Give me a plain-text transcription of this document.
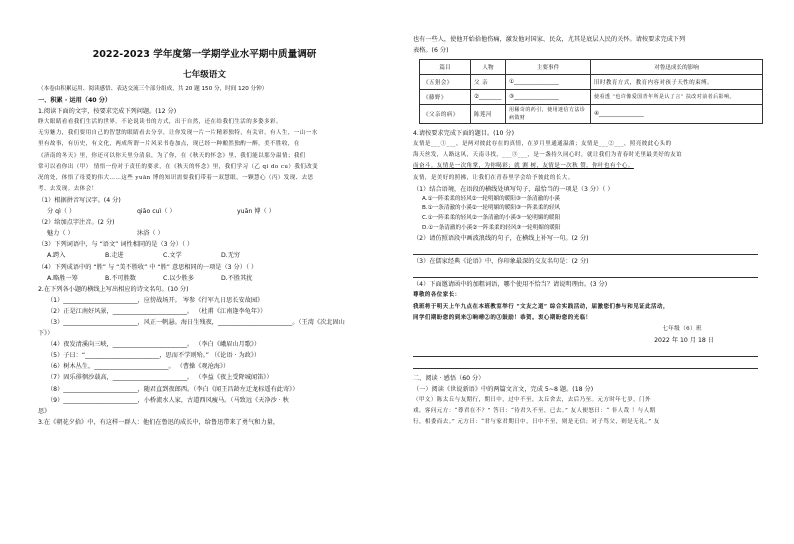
2022-2023 学年度第一学期学业水平期中质量调研
七年级语文
（本卷由积累运用、阅读感悟、表达交流三个部分组成，共 20 题 150 分，时间 120 分钟）
一、积累 · 运用（40 分）
1.阅读下面的文字，按要求完成下列问题。(12 分)
睁大眼睛看看我们生活的世界。不论说读书的方式，出于自然，还在给我们生活的多姿多彩。
无穷魅力，我们要用自己的智慧的眼睛看去分享，让你发现一片一片精彩独特，有关帘，有人生，一山一水
里有故事，有历史，有文化，两成所谓一片风采书卷加点，现已经一种酿然独酌一醉，美不胜收，在
《济南的冬天》里，你还可以你天里分清泉，为了你，在《秋天的怀念》里，我们能以那分温情；我们
常可以看你出（甲） 情悟一份对于责任的要求，在《秋天的怀念》里，我们学习（乙 qi do cu）我们改变
况的处，体悟了母爱的伟大……这些 yuān 博的知识需要我们带着一双慧眼，一颗慧心（丙）发现、去思
考、去发现。去体会！
（1）根据拼音写汉字。(4 分)
分 qì（ ）	qiāo cuì（ ）	yuān 博（ ）
（2）给加点字注音。(2 分)
魅力（ ）	沐浴（ ）
（3）下列词语中，与 “语文” 词性相同的是（3 分）（ ）
A.跨入	B.走进	C.文学	D.无穷
（4）下列成语中的 “胜” 与 “美不胜收” 中 “胜” 意思相同的一项是（3 分）（ ）
A.略胜一筹	B.不可胜数	C.以少胜多	D.不胜其扰
2.在下列各小题的横线上写出相应的诗文名句。(10 分)
（1）________________________，应傍战场开。 岑参《行军九日思长安故园》
（2）正是江南好风景，________________________。 （杜甫《江南逢李龟年》）
（3）________________________，风正一帆悬。海日生残夜，________________________。（王湾《次北固山
下》）
（4）夜发清溪向三峡，________________________。 （李白《峨眉山月歌》）
（5）子曰：“________________________，思而不学则殆。” （《论语 · 为政》）
（6）树木丛生，________________________。 （曹操《观沧海》）
（7）固乐徘徊沙载高，________________________。 （李益《夜上受降城闻笛》）
（8）________________________，随君直到夜郎西。（李白《闻王昌龄左迁龙标遥有此寄》）
（9）________________________，小桥流水人家，古道西风瘦马。（马致远《天净沙 · 秋
思》
3.在《朝花夕拾》中，有这样一群人：他们在鲁迅的成长中，给鲁迅带来了勇气和力量，
也有一些人，使他开始拾他伤痛，激发他对国家、民众，尤其是底层人民的关怀。请按要求完成下列
表格。(6 分)
篇目	人物	主要事件	对鲁迅成长的影响
《五猖会》	父 亲	①________________	旧时教育方式，教育内容对孩子天性的束缚。
《藤野》	②________	③________________	使看透 “也许像爱国青年所是认了言” 扶改对前者后影响。
《父亲的病》	陈莲河	用稀奇的药引，使用迷信方法诊病敛财	④________________
4.请按要求完成下面的题目。(10 分)
友情是___①___，是两对彼此存在的真情，在岁月里通通温淌；友情是___②___，照亮彼此心头的
海天丝发，人路这风，天南寻找，___③___，是一盏持久同心时，就让我们为青春时光里最美好的友谊
而奋斗。友情是一次角掌，为你喝彩；就 测 树，友情是一次秋 赞。你叶也有个心。
友情，是美好的照拂，让我们在青春里学会给予彼此的长大。
（1）结合语境，在语段的横线处填写句子，最恰当的一项是（3 分）（ ）
A.①一阵柔柔的轻风②一轮明媚的暖阳③一条清澈的小溪
B.①一条清澈的小溪②一轮明媚的暖阳③一阵柔柔的轻风
C.①一阵柔柔的轻风②一条清澈的小溪③一轮明媚的暖阳
D.①一条清澈的小溪②一阵柔柔的轻风③一轮明媚的暖阳
（2）请仿照语段中画波浪线的句子，在横线上补写一句。(2 分)
（3）在儒家经典《论语》中，你印象最深的交友名句是：(2 分)
（4）下面邀请函中的加粗词语，哪个使用不恰当？请说明理由。(3 分)
尊敬的各位家长：
我班将于明天上午九点在本班教室举行 “文友之道” 综合实践活动，届激您们参与和见证此活动，
同学们期盼您的到来①晌晴②的③鼓励！恭贺。衷心期盼您的光临！
七年级（6）班
2022 年 10 月 18 日
二、阅读 · 感悟（60 分）
（一）阅读《世说新语》中的两篇文言文，完成 5~8 题。(18 分)
（甲文）陈太丘与友期行，期日中，过中不至，太丘舍去，去后乃至。元方时年七岁，门外
戏。客问元方：“尊君在不？” 答曰：“待君久不至，已去。” 友人便怒曰：“ 非人哉 ！与人期
行，相委而去。” 元方曰：“君与家君期日中，日中不至，则是无信；对子骂父，则是无礼。” 友
